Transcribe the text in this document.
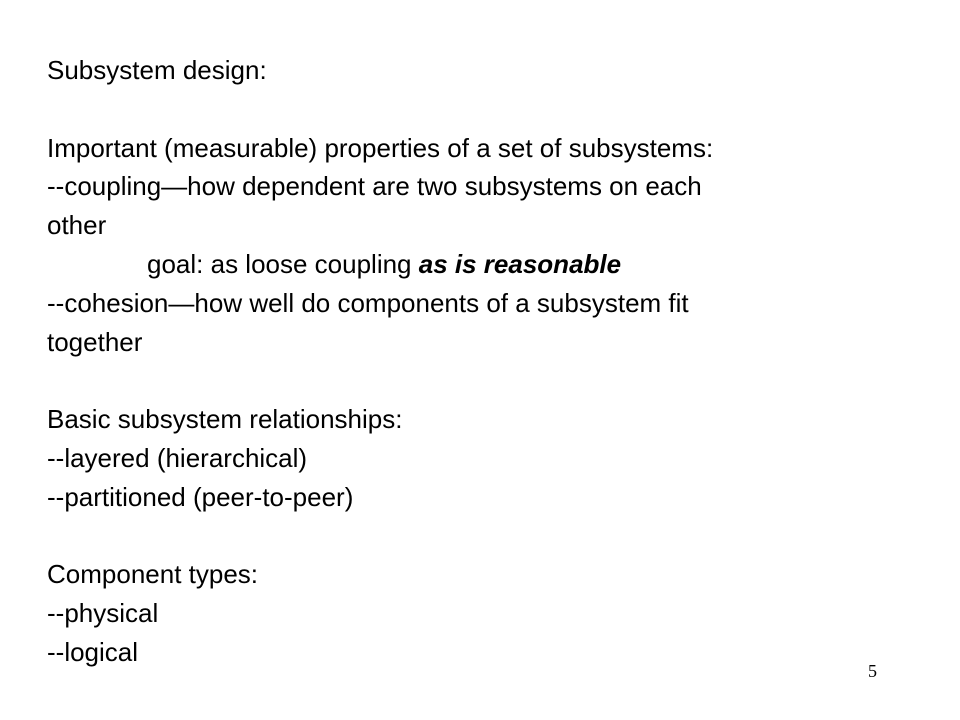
Subsystem design:
Important (measurable) properties of a set of subsystems:
--coupling—how dependent are two subsystems on each
other
goal: as loose coupling as is reasonable
--cohesion—how well do components of a subsystem fit
together
Basic subsystem relationships:
--layered (hierarchical)
--partitioned (peer-to-peer)
Component types:
--physical
--logical
5
